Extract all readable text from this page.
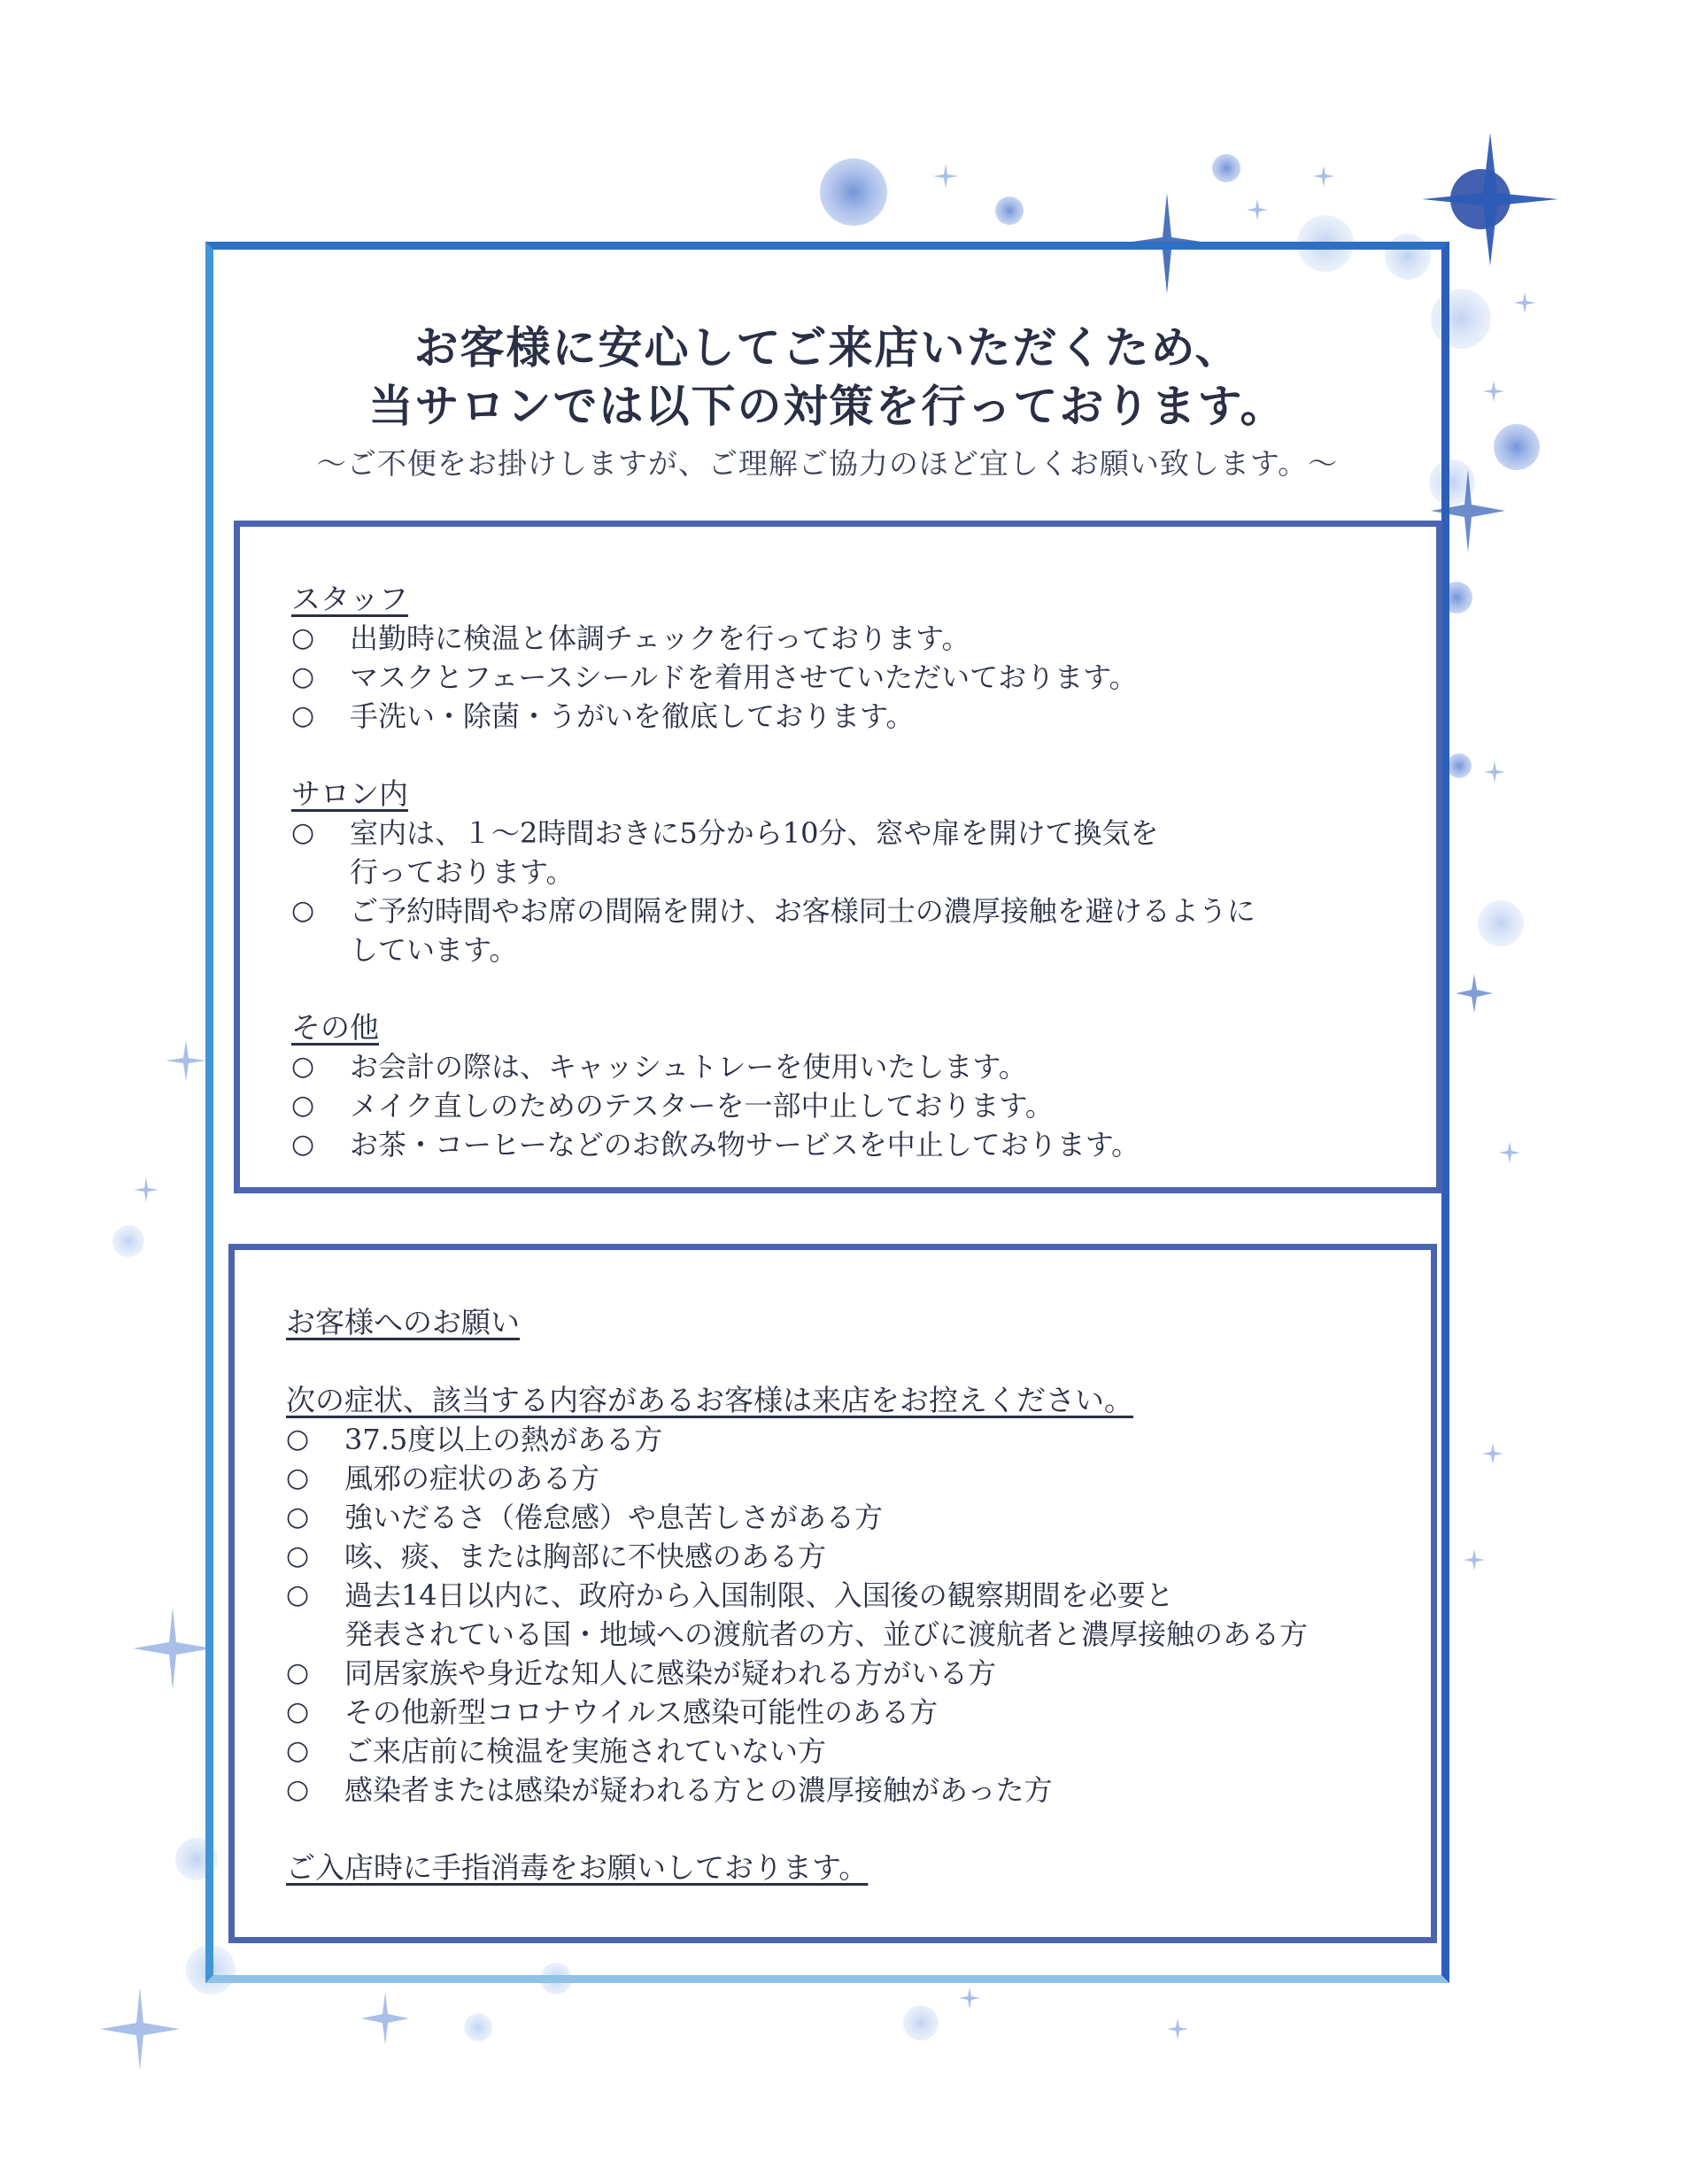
お客様に安心してご来店いただくため、
当サロンでは以下の対策を行っております。
～ご不便をお掛けしますが、ご理解ご協力のほど宜しくお願い致します。～
スタッフ
○	出勤時に検温と体調チェックを行っております。
○	マスクとフェースシールドを着用させていただいております。
○	手洗い・除菌・うがいを徹底しております。
サロン内
○	室内は、１～2時間おきに5分から10分、窓や扉を開けて換気を
行っております。
○	ご予約時間やお席の間隔を開け、お客様同士の濃厚接触を避けるように
しています。
その他
○	お会計の際は、キャッシュトレーを使用いたします。
○	メイク直しのためのテスターを一部中止しております。
○	お茶・コーヒーなどのお飲み物サービスを中止しております。
お客様へのお願い
次の症状、該当する内容があるお客様は来店をお控えください。
○	37.5度以上の熱がある方
○	風邪の症状のある方
○	強いだるさ（倦怠感）や息苦しさがある方
○	咳、痰、または胸部に不快感のある方
○	過去14日以内に、政府から入国制限、入国後の観察期間を必要と
発表されている国・地域への渡航者の方、並びに渡航者と濃厚接触のある方
○	同居家族や身近な知人に感染が疑われる方がいる方
○	その他新型コロナウイルス感染可能性のある方
○	ご来店前に検温を実施されていない方
○	感染者または感染が疑われる方との濃厚接触があった方
ご入店時に手指消毒をお願いしております。
